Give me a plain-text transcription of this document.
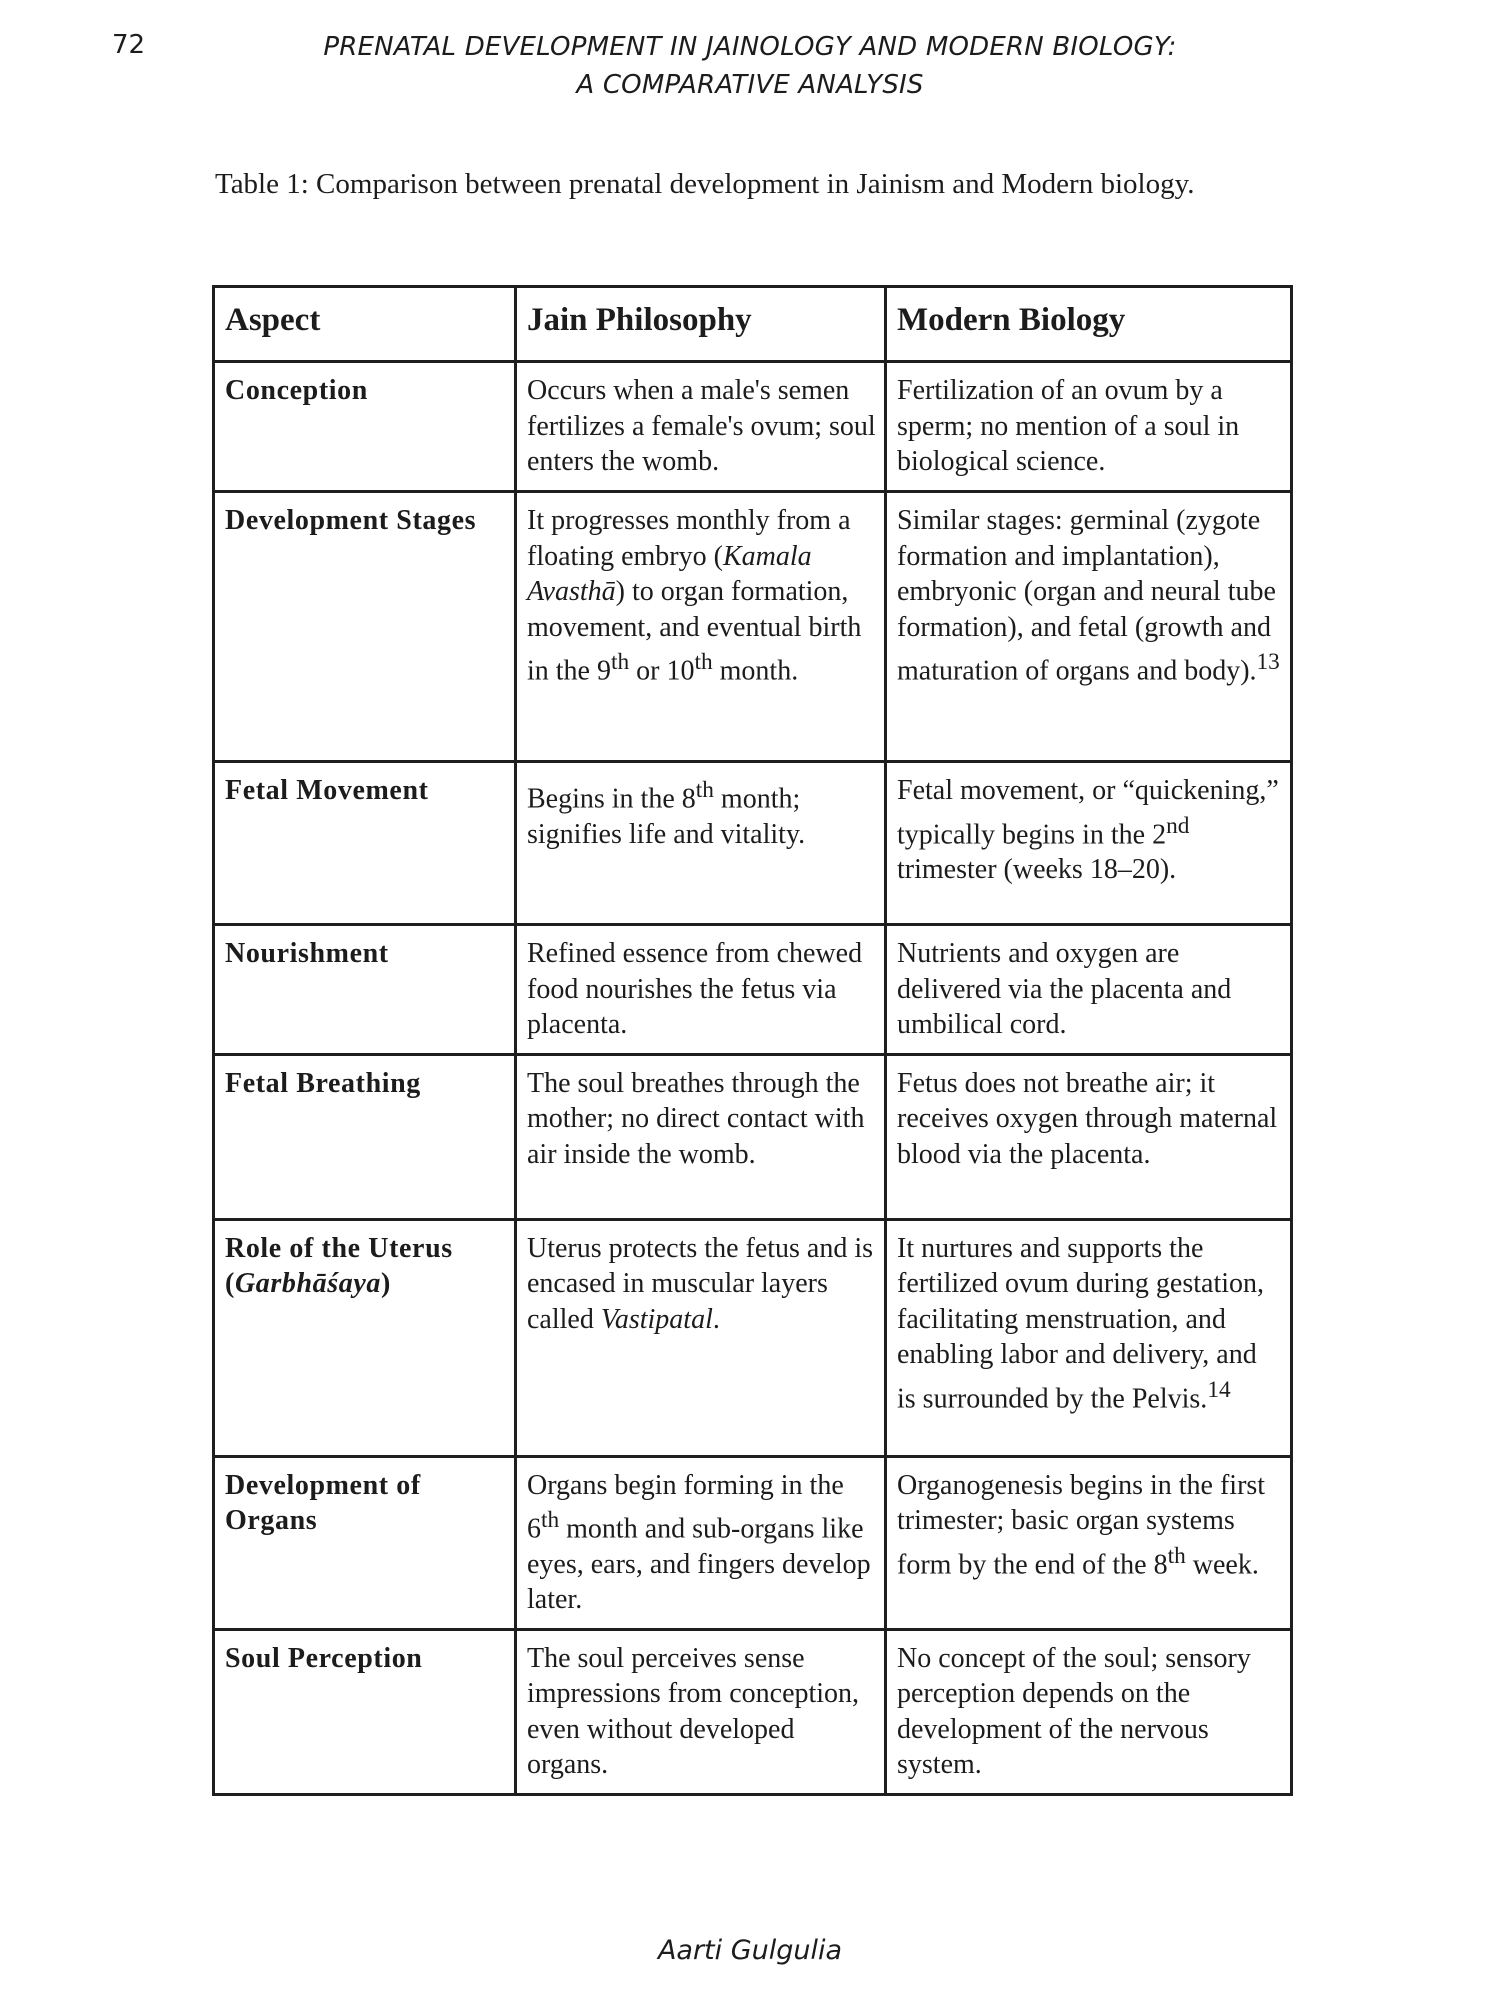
72	PRENATAL DEVELOPMENT IN JAINOLOGY AND MODERN BIOLOGY:
A COMPARATIVE ANALYSIS
Table 1: Comparison between prenatal development in Jainism and Modern biology.
Aspect	Jain Philosophy	Modern Biology
Conception	Occurs when a male's semen fertilizes a female's ovum; soul enters the womb.	Fertilization of an ovum by a sperm; no mention of a soul in biological science.
Development Stages	It progresses monthly from a floating embryo (Kamala Avasthā) to organ formation, movement, and eventual birth in the 9th or 10th month.	Similar stages: germinal (zygote formation and implantation), embryonic (organ and neural tube formation), and fetal (growth and maturation of organs and body).$^{13}$
Fetal Movement	Begins in the 8th month; signifies life and vitality.	Fetal movement, or “quickening,” typically begins in the 2nd trimester (weeks 18–20).
Nourishment	Refined essence from chewed food nourishes the fetus via placenta.	Nutrients and oxygen are delivered via the placenta and umbilical cord.
Fetal Breathing	The soul breathes through the mother; no direct contact with air inside the womb.	Fetus does not breathe air; it receives oxygen through maternal blood via the placenta.
Role of the Uterus (Garbhāśaya)	Uterus protects the fetus and is encased in muscular layers called Vastipatal.	It nurtures and supports the fertilized ovum during gestation, facilitating menstruation, and enabling labor and delivery, and is surrounded by the Pelvis.$^{14}$
Development of Organs	Organs begin forming in the 6th month and sub-organs like eyes, ears, and fingers develop later.	Organogenesis begins in the first trimester; basic organ systems form by the end of the 8th week.
Soul Perception	The soul perceives sense impressions from conception, even without developed organs.	No concept of the soul; sensory perception depends on the development of the nervous system.
Aarti Gulgulia
